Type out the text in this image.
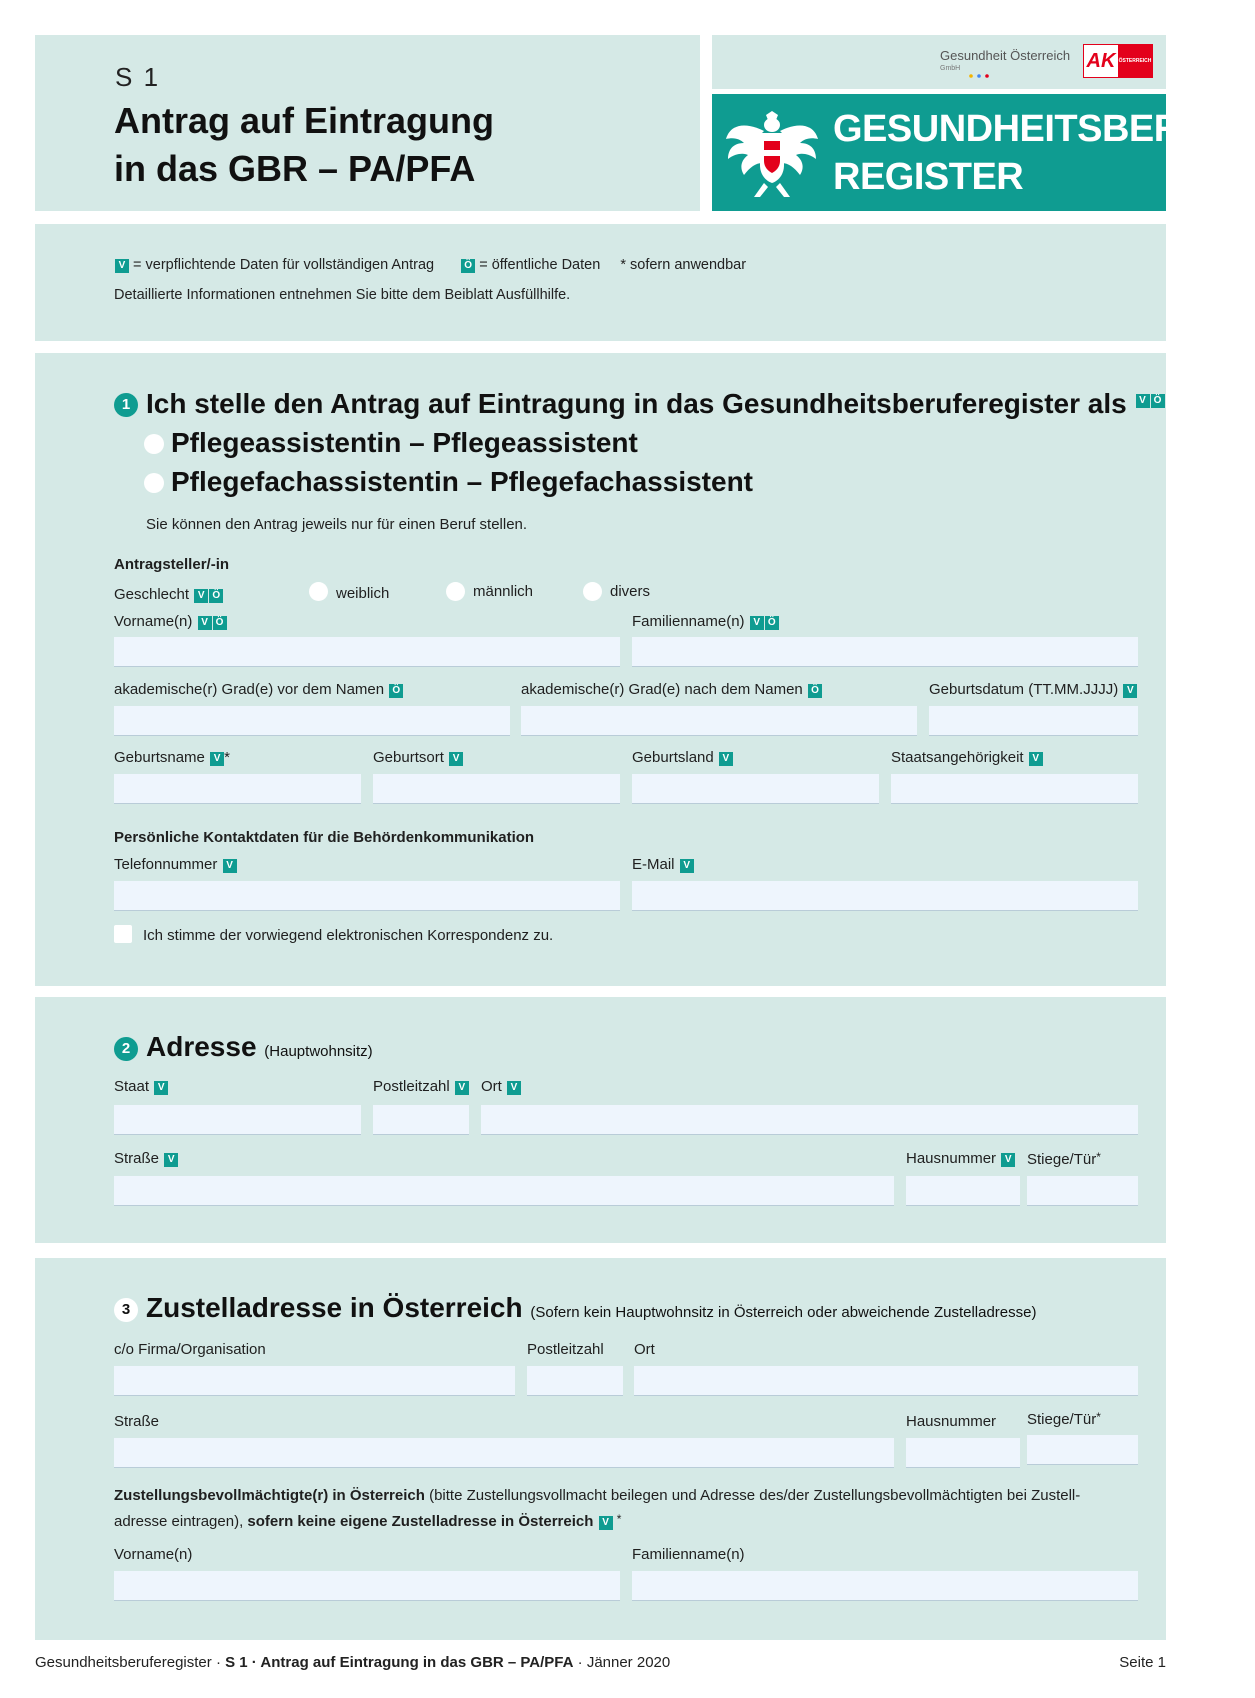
S 1
Antrag auf Eintragung
in das GBR – PA/PFA
Gesundheit Österreich
GmbH	AK ÖSTERREICH
GESUNDHEITSBERUFE
REGISTER
V = verpflichtende Daten für vollständigen Antrag	Ö = öffentliche Daten * sofern anwendbar
Detaillierte Informationen entnehmen Sie bitte dem Beiblatt Ausfüllhilfe.
1 Ich stelle den Antrag auf Eintragung in das Gesundheitsberuferegister als V Ö
Pflegeassistentin – Pflegeassistent
Pflegefachassistentin – Pflegefachassistent
Sie können den Antrag jeweils nur für einen Beruf stellen.
Antragsteller/-in
Geschlecht V Ö	weiblich	männlich	divers
Vorname(n) V Ö	Familienname(n) V Ö
akademische(r) Grad(e) vor dem Namen Ö	akademische(r) Grad(e) nach dem Namen Ö	Geburtsdatum (TT.MM.JJJJ) V
Geburtsname V *	Geburtsort V	Geburtsland V	Staatsangehörigkeit V
Persönliche Kontaktdaten für die Behördenkommunikation
Telefonnummer V	E-Mail V
Ich stimme der vorwiegend elektronischen Korrespondenz zu.
2 Adresse (Hauptwohnsitz)
Staat V	Postleitzahl V Ort V
Straße V	Hausnummer V Stiege/Tür*
3 Zustelladresse in Österreich (Sofern kein Hauptwohnsitz in Österreich oder abweichende Zustelladresse)
c/o Firma/Organisation	Postleitzahl Ort
Straße	Hausnummer Stiege/Tür*
Zustellungsbevollmächtigte(r) in Österreich (bitte Zustellungsvollmacht beilegen und Adresse des/der Zustellungsbevollmächtigten bei Zustell-
adresse eintragen), sofern keine eigene Zustelladresse in Österreich V *
Vorname(n)	Familienname(n)
Gesundheitsberuferegister · S 1 · Antrag auf Eintragung in das GBR – PA/PFA · Jänner 2020	Seite 1
